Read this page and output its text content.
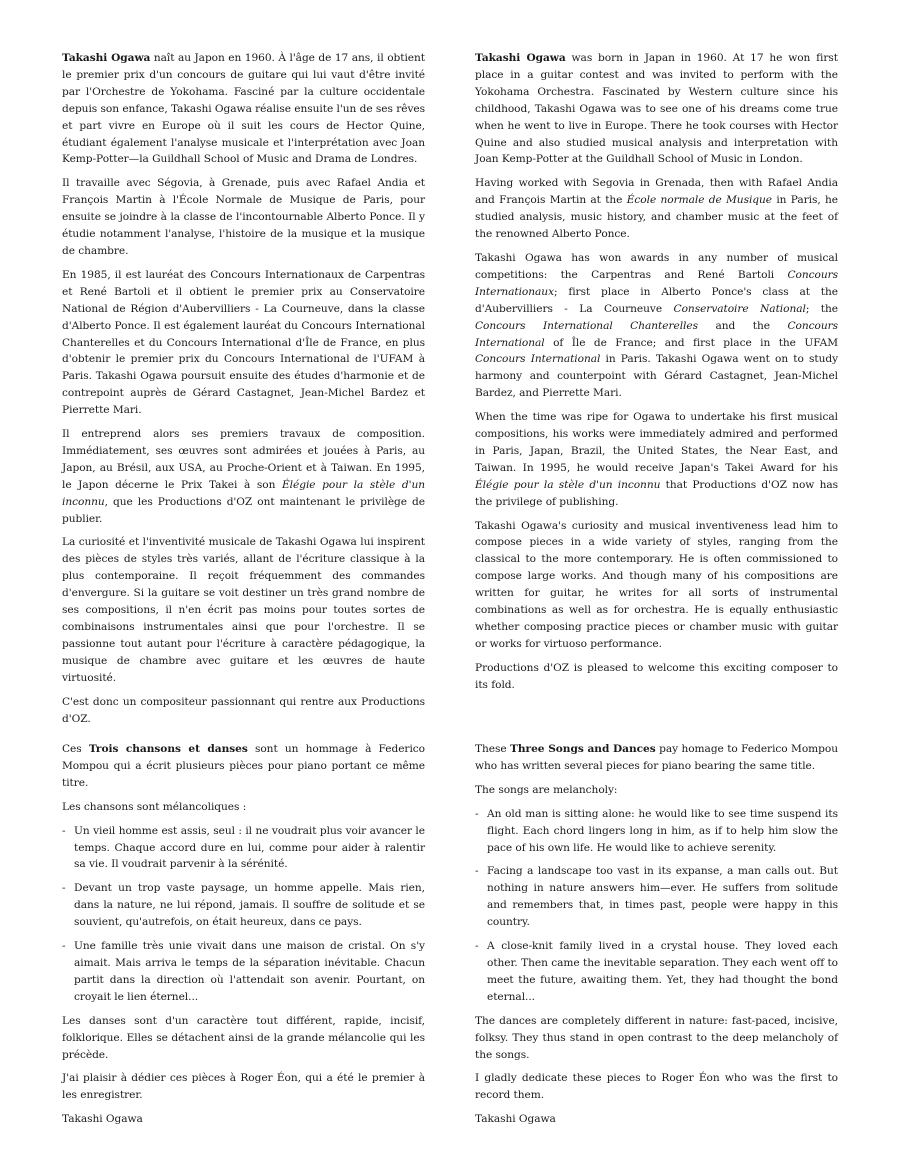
Takashi Ogawa naît au Japon en 1960. À l'âge de 17 ans, il obtient le premier prix d'un concours de guitare qui lui vaut d'être invité par l'Orchestre de Yokohama. Fasciné par la culture occidentale depuis son enfance, Takashi Ogawa réalise ensuite l'un de ses rêves et part vivre en Europe où il suit les cours de Hector Quine, étudiant également l'analyse musicale et l'interprétation avec Joan Kemp-Potter—la Guildhall School of Music and Drama de Londres.

Il travaille avec Ségovia, à Grenade, puis avec Rafael Andia et François Martin à l'École Normale de Musique de Paris, pour ensuite se joindre à la classe de l'incontournable Alberto Ponce. Il y étudie notamment l'analyse, l'histoire de la musique et la musique de chambre.

En 1985, il est lauréat des Concours Internationaux de Carpentras et René Bartoli et il obtient le premier prix au Conservatoire National de Région d'Aubervilliers - La Courneuve, dans la classe d'Alberto Ponce. Il est également lauréat du Concours International Chanterelles et du Concours International d'Île de France, en plus d'obtenir le premier prix du Concours International de l'UFAM à Paris. Takashi Ogawa poursuit ensuite des études d'harmonie et de contrepoint auprès de Gérard Castagnet, Jean-Michel Bardez et Pierrette Mari.

Il entreprend alors ses premiers travaux de composition. Immédiatement, ses œuvres sont admirées et jouées à Paris, au Japon, au Brésil, aux USA, au Proche-Orient et à Taiwan. En 1995, le Japon décerne le Prix Takei à son Élégie pour la stèle d'un inconnu, que les Productions d'OZ ont maintenant le privilège de publier.

La curiosité et l'inventivité musicale de Takashi Ogawa lui inspirent des pièces de styles très variés, allant de l'écriture classique à la plus contemporaine. Il reçoit fréquemment des commandes d'envergure. Si la guitare se voit destiner un très grand nombre de ses compositions, il n'en écrit pas moins pour toutes sortes de combinaisons instrumentales ainsi que pour l'orchestre. Il se passionne tout autant pour l'écriture à caractère pédagogique, la musique de chambre avec guitare et les œuvres de haute virtuosité.

C'est donc un compositeur passionnant qui rentre aux Productions d'OZ.

Takashi Ogawa was born in Japan in 1960. At 17 he won first place in a guitar contest and was invited to perform with the Yokohama Orchestra. Fascinated by Western culture since his childhood, Takashi Ogawa was to see one of his dreams come true when he went to live in Europe. There he took courses with Hector Quine and also studied musical analysis and interpretation with Joan Kemp-Potter at the Guildhall School of Music in London.

Having worked with Segovia in Grenada, then with Rafael Andia and François Martin at the École normale de Musique in Paris, he studied analysis, music history, and chamber music at the feet of the renowned Alberto Ponce.

Takashi Ogawa has won awards in any number of musical competitions: the Carpentras and René Bartoli Concours Internationaux; first place in Alberto Ponce's class at the d'Aubervilliers - La Courneuve Conservatoire National; the Concours International Chanterelles and the Concours International of Île de France; and first place in the UFAM Concours International in Paris. Takashi Ogawa went on to study harmony and counterpoint with Gérard Castagnet, Jean-Michel Bardez, and Pierrette Mari.

When the time was ripe for Ogawa to undertake his first musical compositions, his works were immediately admired and performed in Paris, Japan, Brazil, the United States, the Near East, and Taiwan. In 1995, he would receive Japan's Takei Award for his Élégie pour la stèle d'un inconnu that Productions d'OZ now has the privilege of publishing.

Takashi Ogawa's curiosity and musical inventiveness lead him to compose pieces in a wide variety of styles, ranging from the classical to the more contemporary. He is often commissioned to compose large works. And though many of his compositions are written for guitar, he writes for all sorts of instrumental combinations as well as for orchestra. He is equally enthusiastic whether composing practice pieces or chamber music with guitar or works for virtuoso performance.

Productions d'OZ is pleased to welcome this exciting composer to its fold.

Ces Trois chansons et danses sont un hommage à Federico Mompou qui a écrit plusieurs pièces pour piano portant ce même titre.

Les chansons sont mélancoliques :

- Un vieil homme est assis, seul : il ne voudrait plus voir avancer le temps. Chaque accord dure en lui, comme pour aider à ralentir sa vie. Il voudrait parvenir à la sérénité.
- Devant un trop vaste paysage, un homme appelle. Mais rien, dans la nature, ne lui répond, jamais. Il souffre de solitude et se souvient, qu'autrefois, on était heureux, dans ce pays.
- Une famille très unie vivait dans une maison de cristal. On s'y aimait. Mais arriva le temps de la séparation inévitable. Chacun partit dans la direction où l'attendait son avenir. Pourtant, on croyait le lien éternel...

Les danses sont d'un caractère tout différent, rapide, incisif, folklorique. Elles se détachent ainsi de la grande mélancolie qui les précède.

J'ai plaisir à dédier ces pièces à Roger Éon, qui a été le premier à les enregistrer.

Takashi Ogawa

These Three Songs and Dances pay homage to Federico Mompou who has written several pieces for piano bearing the same title.

The songs are melancholy:

- An old man is sitting alone: he would like to see time suspend its flight. Each chord lingers long in him, as if to help him slow the pace of his own life. He would like to achieve serenity.
- Facing a landscape too vast in its expanse, a man calls out. But nothing in nature answers him—ever. He suffers from solitude and remembers that, in times past, people were happy in this country.
- A close-knit family lived in a crystal house. They loved each other. Then came the inevitable separation. They each went off to meet the future, awaiting them. Yet, they had thought the bond eternal...

The dances are completely different in nature: fast-paced, incisive, folksy. They thus stand in open contrast to the deep melancholy of the songs.

I gladly dedicate these pieces to Roger Éon who was the first to record them.

Takashi Ogawa
